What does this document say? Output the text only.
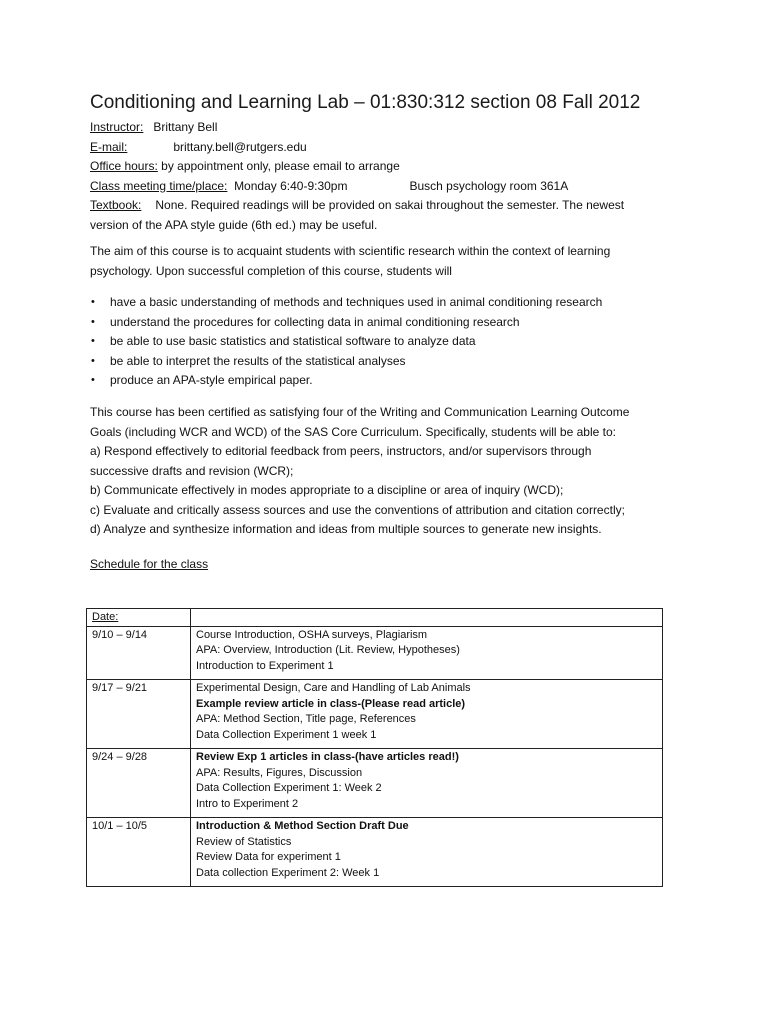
Conditioning and Learning Lab – 01:830:312 section 08 Fall 2012
Instructor: Brittany Bell
E-mail:	brittany.bell@rutgers.edu
Office hours: by appointment only, please email to arrange
Class meeting time/place: Monday 6:40-9:30pm	Busch psychology room 361A
Textbook: None. Required readings will be provided on sakai throughout the semester. The newest
version of the APA style guide (6th ed.) may be useful.
The aim of this course is to acquaint students with scientific research within the context of learning
psychology. Upon successful completion of this course, students will
• have a basic understanding of methods and techniques used in animal conditioning research
• understand the procedures for collecting data in animal conditioning research
• be able to use basic statistics and statistical software to analyze data
• be able to interpret the results of the statistical analyses
• produce an APA-style empirical paper.
This course has been certified as satisfying four of the Writing and Communication Learning Outcome
Goals (including WCR and WCD) of the SAS Core Curriculum. Specifically, students will be able to:
a) Respond effectively to editorial feedback from peers, instructors, and/or supervisors through
successive drafts and revision (WCR);
b) Communicate effectively in modes appropriate to a discipline or area of inquiry (WCD);
c) Evaluate and critically assess sources and use the conventions of attribution and citation correctly;
d) Analyze and synthesize information and ideas from multiple sources to generate new insights.
Schedule for the class
Date:	
9/10 – 9/14	Course Introduction, OSHA surveys, Plagiarism
APA: Overview, Introduction (Lit. Review, Hypotheses)
Introduction to Experiment 1

9/17 – 9/21	Experimental Design, Care and Handling of Lab Animals
Example review article in class-(Please read article)
APA: Method Section, Title page, References
Data Collection Experiment 1 week 1

9/24 – 9/28	Review Exp 1 articles in class-(have articles read!)
APA: Results, Figures, Discussion
Data Collection Experiment 1: Week 2
Intro to Experiment 2

10/1 – 10/5	Introduction & Method Section Draft Due
Review of Statistics
Review Data for experiment 1
Data collection Experiment 2: Week 1
